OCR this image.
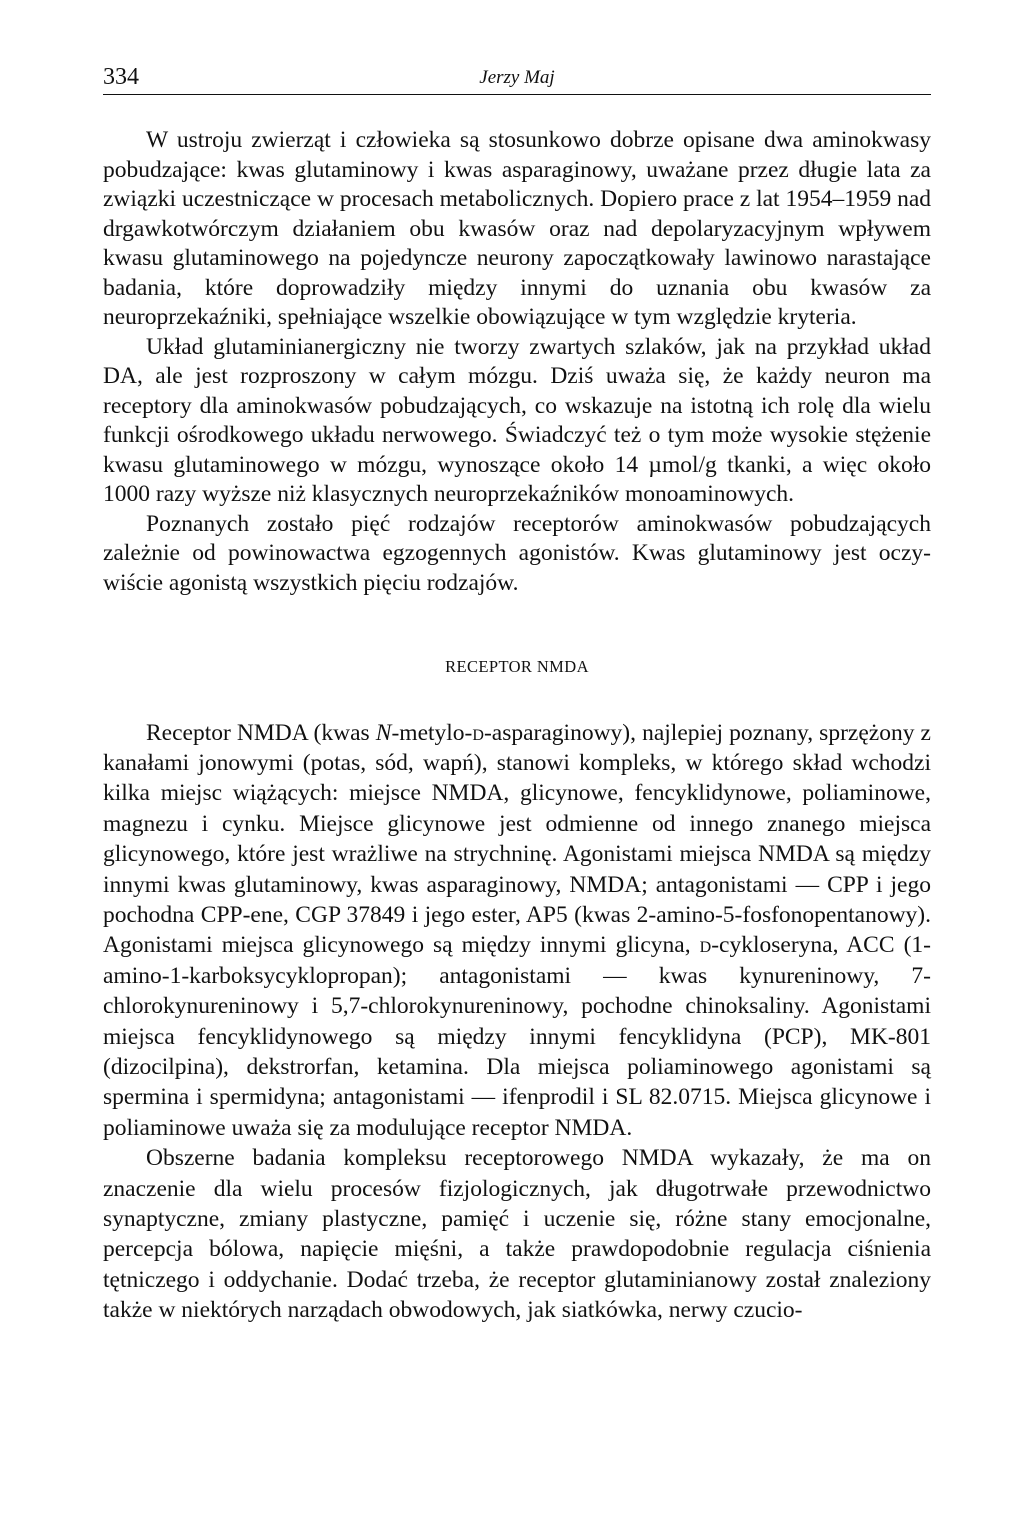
334	Jerzy Maj

W ustroju zwierząt i człowieka są stosunkowo dobrze opisane dwa aminokwasy pobudzające: kwas glutaminowy i kwas asparaginowy, uważane przez długie lata za związki uczestniczące w procesach metabolicznych. Dopiero prace z lat 1954–1959 nad drgawkotwórczym działaniem obu kwasów oraz nad depolaryzacyjnym wpływem kwasu glutaminowego na pojedyncze neurony zapoczątkowały lawinowo narastające badania, które doprowadziły między innymi do uznania obu kwasów za neuroprzekaźniki, spełniające wszelkie obowiązujące w tym względzie kryteria.

Układ glutaminianergiczny nie tworzy zwartych szlaków, jak na przykład układ DA, ale jest rozproszony w całym mózgu. Dziś uważa się, że każdy neuron ma receptory dla aminokwasów pobudzających, co wskazuje na istotną ich rolę dla wielu funkcji ośrodkowego układu nerwowego. Świadczyć też o tym może wysokie stężenie kwasu glutaminowego w mózgu, wynoszące około 14 µmol/g tkanki, a więc około 1000 razy wyższe niż klasycznych neuroprzekaźników monoaminowych.

Poznanych zostało pięć rodzajów receptorów aminokwasów pobudzających zależnie od powinowactwa egzogennych agonistów. Kwas glutaminowy jest oczywiście agonistą wszystkich pięciu rodzajów.

RECEPTOR NMDA

Receptor NMDA (kwas N-metylo-d-asparaginowy), najlepiej poznany, sprzężony z kanałami jonowymi (potas, sód, wapń), stanowi kompleks, w którego skład wchodzi kilka miejsc wiążących: miejsce NMDA, glicynowe, fencyklidynowe, poliaminowe, magnezu i cynku. Miejsce glicynowe jest odmienne od innego znanego miejsca glicynowego, które jest wrażliwe na strychninę. Agonistami miejsca NMDA są między innymi kwas glutaminowy, kwas asparaginowy, NMDA; antagonistami — CPP i jego pochodna CPP-ene, CGP 37849 i jego ester, AP5 (kwas 2-amino-5-fosfonopentanowy). Agonistami miejsca glicynowego są między innymi glicyna, d-cykloseryna, ACC (1-amino-1-karboksycyklopropan); antagonistami — kwas kynureninowy, 7-chlorokynureninowy i 5,7-chlorokynureninowy, pochodne chinoksaliny. Agonistami miejsca fencyklidynowego są między innymi fencyklidyna (PCP), MK-801 (dizocilpina), dekstrorfan, ketamina. Dla miejsca poliaminowego agonistami są spermina i spermidyna; antagonistami — ifenprodil i SL 82.0715. Miejsca glicynowe i poliaminowe uważa się za modulujące receptor NMDA.

Obszerne badania kompleksu receptorowego NMDA wykazały, że ma on znaczenie dla wielu procesów fizjologicznych, jak długotrwałe przewodnictwo synaptyczne, zmiany plastyczne, pamięć i uczenie się, różne stany emocjonalne, percepcja bólowa, napięcie mięśni, a także prawdopodobnie regulacja ciśnienia tętniczego i oddychanie. Dodać trzeba, że receptor glutaminianowy został znaleziony także w niektórych narządach obwodowych, jak siatkówka, nerwy czucio-
